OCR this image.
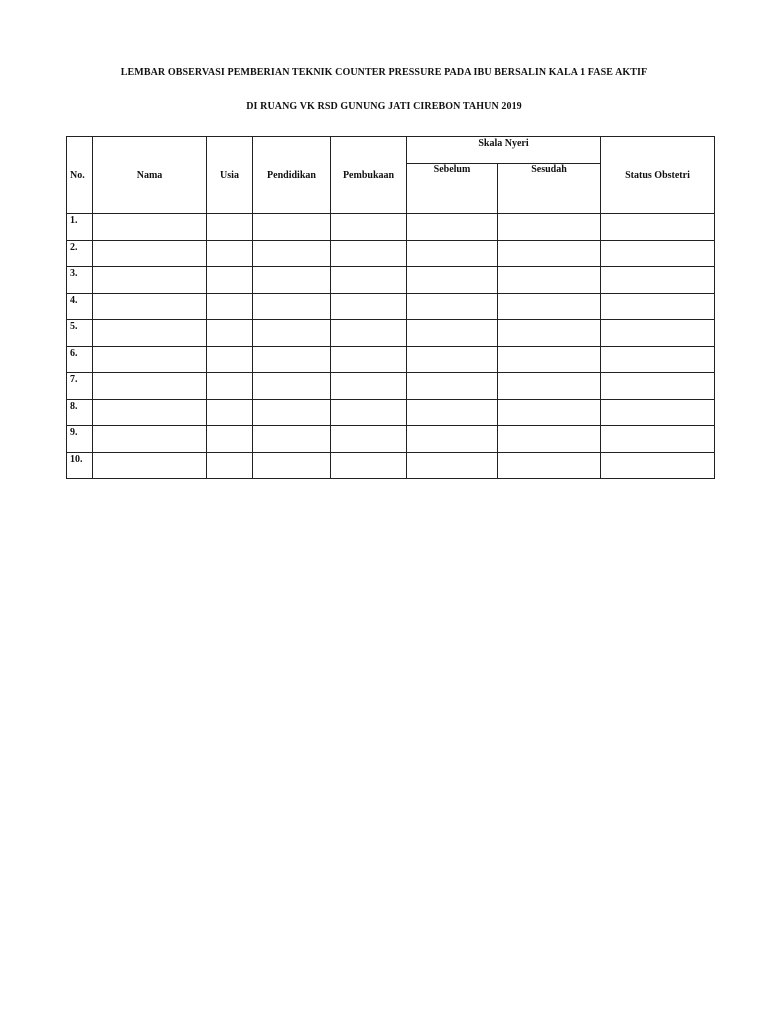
LEMBAR OBSERVASI PEMBERIAN TEKNIK COUNTER PRESSURE PADA IBU BERSALIN KALA 1 FASE AKTIF
DI RUANG VK RSD GUNUNG JATI CIREBON TAHUN 2019
No.	Nama	Usia	Pendidikan	Pembukaan	Skala Nyeri		Status Obstetri
					Sebelum	Sesudah	
1.							
2.							
3.							
4.							
5.							
6.							
7.							
8.							
9.							
10.							
